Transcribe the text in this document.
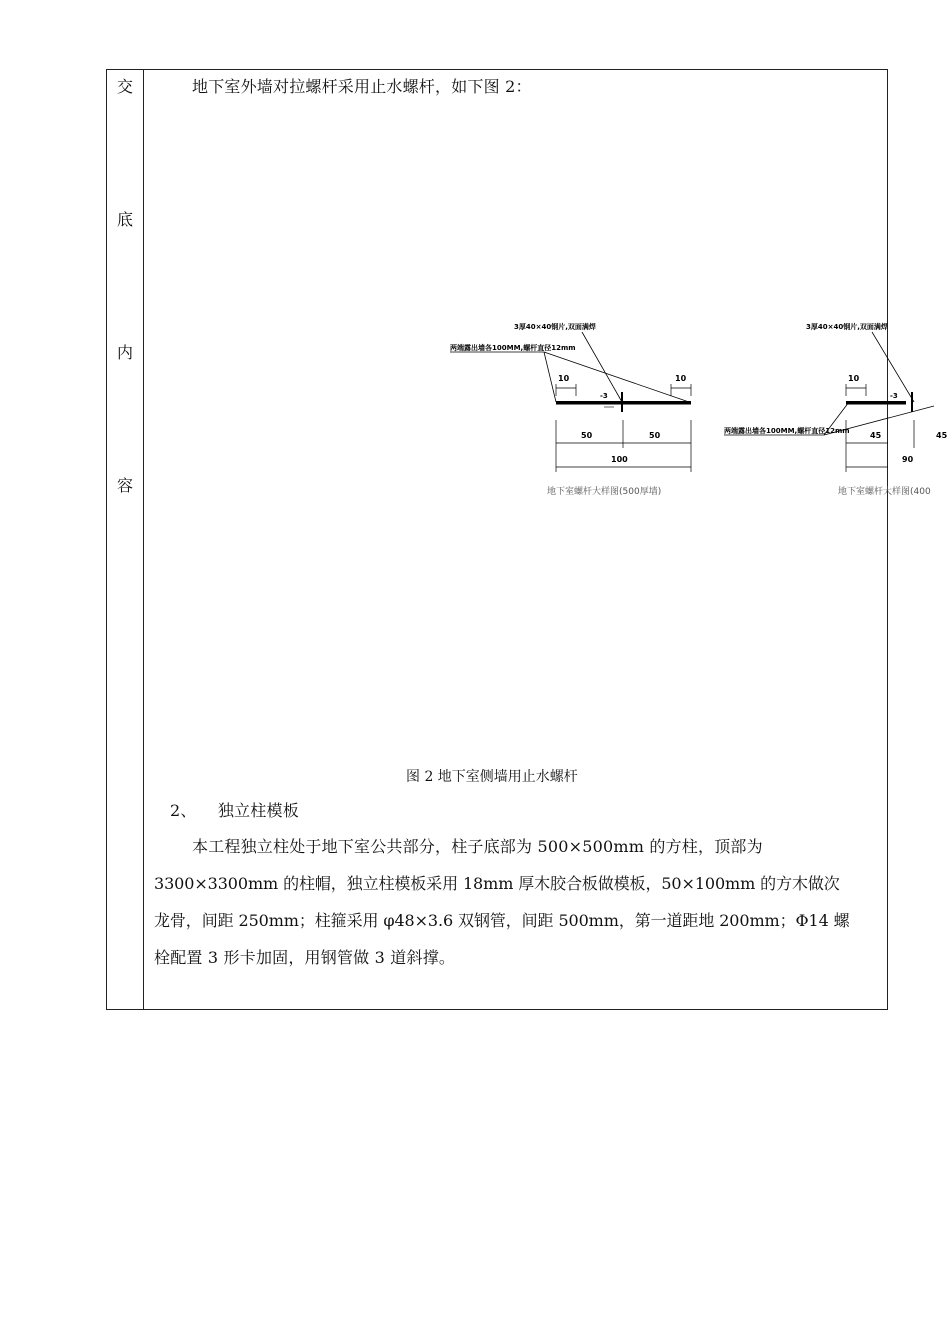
交
底
内
容
地下室外墙对拉螺杆采用止水螺杆，如下图 2：
3厚40×40钢片,双面满焊
两端露出墙各100MM,螺杆直径12mm
-3
10	10
50	50
100
地下室螺杆大样图(500厚墙)
3厚40×40钢片,双面满焊
两端露出墙各100MM,螺杆直径12mm
-3
10
45	45
90
地下室螺杆大样图(400
图 2 地下室侧墙用止水螺杆
2、 独立柱模板
本工程独立柱处于地下室公共部分，柱子底部为 500×500mm 的方柱，顶部为
3300×3300mm 的柱帽，独立柱模板采用 18mm 厚木胶合板做模板，50×100mm 的方木做次
龙骨，间距 250mm；柱箍采用 φ48×3.6 双钢管，间距 500mm，第一道距地 200mm；Φ14 螺
栓配置 3 形卡加固，用钢管做 3 道斜撑。
